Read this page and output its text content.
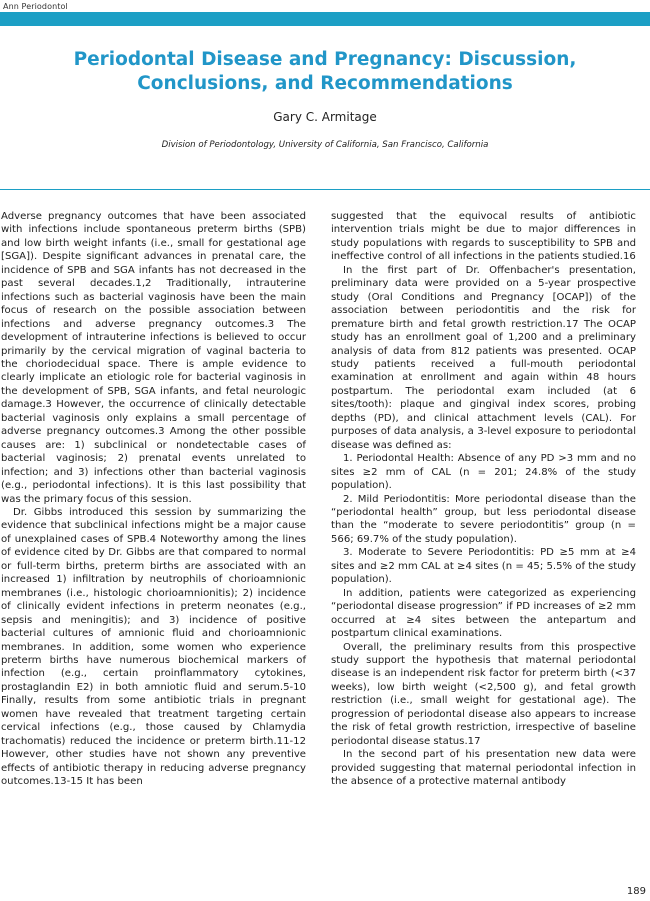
Ann Periodontol
Periodontal Disease and Pregnancy: Discussion, Conclusions, and Recommendations
Gary C. Armitage
Division of Periodontology, University of California, San Francisco, California

Adverse pregnancy outcomes that have been associated with infections include spontaneous preterm births (SPB) and low birth weight infants (i.e., small for gestational age [SGA]). Despite significant advances in prenatal care, the incidence of SPB and SGA infants has not decreased in the past several decades.1,2 Traditionally, intrauterine infections such as bacterial vaginosis have been the main focus of research on the possible association between infections and adverse pregnancy outcomes.3 The development of intrauterine infections is believed to occur primarily by the cervical migration of vaginal bacteria to the choriodecidual space. There is ample evidence to clearly implicate an etiologic role for bacterial vaginosis in the development of SPB, SGA infants, and fetal neurologic damage.3 However, the occurrence of clinically detectable bacterial vaginosis only explains a small percentage of adverse pregnancy outcomes.3 Among the other possible causes are: 1) subclinical or nondetectable cases of bacterial vaginosis; 2) prenatal events unrelated to infection; and 3) infections other than bacterial vaginosis (e.g., periodontal infections). It is this last possibility that was the primary focus of this session.

Dr. Gibbs introduced this session by summarizing the evidence that subclinical infections might be a major cause of unexplained cases of SPB.4 Noteworthy among the lines of evidence cited by Dr. Gibbs are that compared to normal or full-term births, preterm births are associated with an increased 1) infiltration by neutrophils of chorioamnionic membranes (i.e., histologic chorioamnionitis); 2) incidence of clinically evident infections in preterm neonates (e.g., sepsis and meningitis); and 3) incidence of positive bacterial cultures of amnionic fluid and chorioamnionic membranes. In addition, some women who experience preterm births have numerous biochemical markers of infection (e.g., certain proinflammatory cytokines, prostaglandin E2) in both amniotic fluid and serum.5-10 Finally, results from some antibiotic trials in pregnant women have revealed that treatment targeting certain cervical infections (e.g., those caused by Chlamydia trachomatis) reduced the incidence or preterm birth.11-12 However, other studies have not shown any preventive effects of antibiotic therapy in reducing adverse pregnancy outcomes.13-15 It has been

suggested that the equivocal results of antibiotic intervention trials might be due to major differences in study populations with regards to susceptibility to SPB and ineffective control of all infections in the patients studied.16

In the first part of Dr. Offenbacher's presentation, preliminary data were provided on a 5-year prospective study (Oral Conditions and Pregnancy [OCAP]) of the association between periodontitis and the risk for premature birth and fetal growth restriction.17 The OCAP study has an enrollment goal of 1,200 and a preliminary analysis of data from 812 patients was presented. OCAP study patients received a full-mouth periodontal examination at enrollment and again within 48 hours postpartum. The periodontal exam included (at 6 sites/tooth): plaque and gingival index scores, probing depths (PD), and clinical attachment levels (CAL). For purposes of data analysis, a 3-level exposure to periodontal disease was defined as:

1. Periodontal Health: Absence of any PD >3 mm and no sites ≥2 mm of CAL (n = 201; 24.8% of the study population).

2. Mild Periodontitis: More periodontal disease than the “periodontal health” group, but less periodontal disease than the “moderate to severe periodontitis” group (n = 566; 69.7% of the study population).

3. Moderate to Severe Periodontitis: PD ≥5 mm at ≥4 sites and ≥2 mm CAL at ≥4 sites (n = 45; 5.5% of the study population).

In addition, patients were categorized as experiencing “periodontal disease progression” if PD increases of ≥2 mm occurred at ≥4 sites between the antepartum and postpartum clinical examinations.

Overall, the preliminary results from this prospective study support the hypothesis that maternal periodontal disease is an independent risk factor for preterm birth (<37 weeks), low birth weight (<2,500 g), and fetal growth restriction (i.e., small weight for gestational age). The progression of periodontal disease also appears to increase the risk of fetal growth restriction, irrespective of baseline periodontal disease status.17

In the second part of his presentation new data were provided suggesting that maternal periodontal infection in the absence of a protective maternal antibody

189
